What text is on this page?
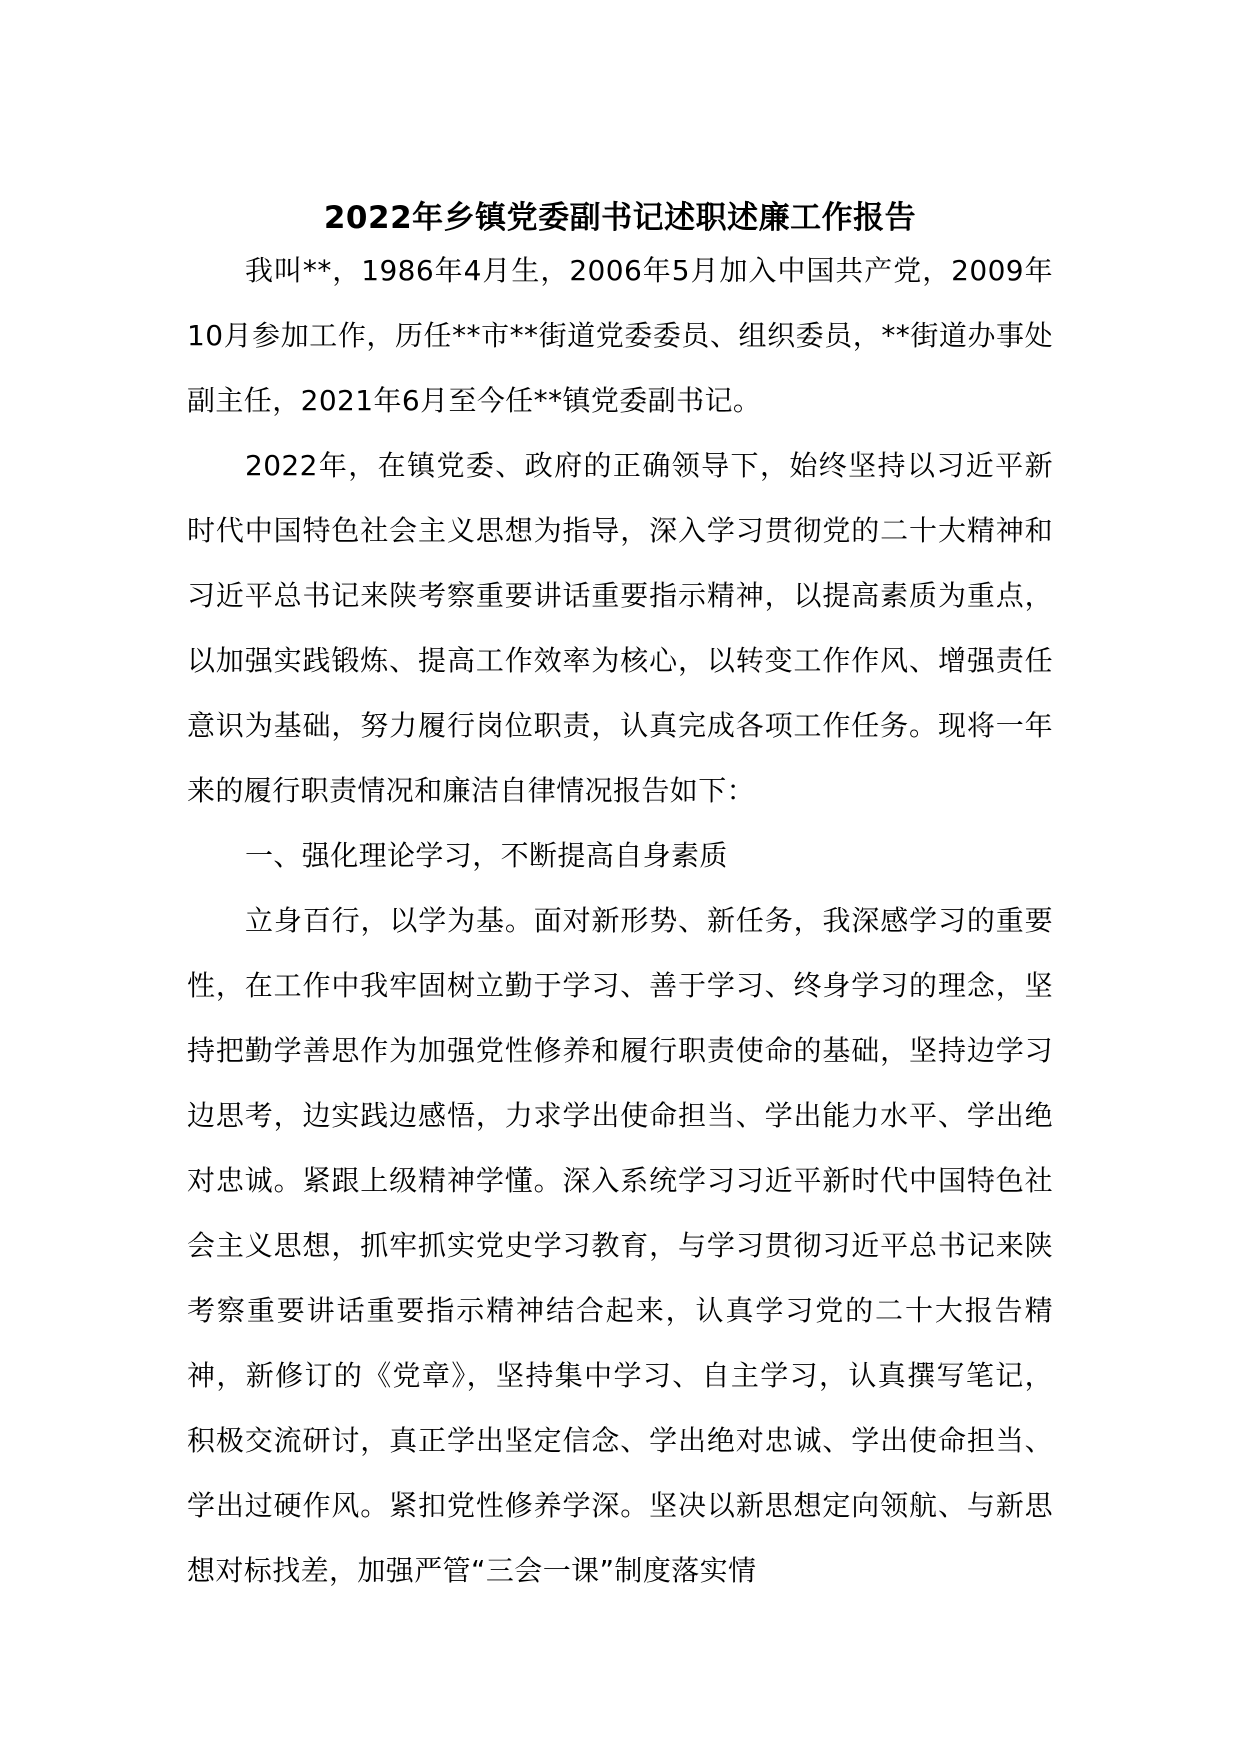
2022年乡镇党委副书记述职述廉工作报告

我叫**，1986年4月生，2006年5月加入中国共产党，2009年10月参加工作，历任**市**街道党委委员、组织委员，**街道办事处副主任，2021年6月至今任**镇党委副书记。

2022年，在镇党委、政府的正确领导下，始终坚持以习近平新时代中国特色社会主义思想为指导，深入学习贯彻党的二十大精神和习近平总书记来陕考察重要讲话重要指示精神，以提高素质为重点，以加强实践锻炼、提高工作效率为核心，以转变工作作风、增强责任意识为基础，努力履行岗位职责，认真完成各项工作任务。现将一年来的履行职责情况和廉洁自律情况报告如下：

一、强化理论学习，不断提高自身素质

立身百行，以学为基。面对新形势、新任务，我深感学习的重要性，在工作中我牢固树立勤于学习、善于学习、终身学习的理念，坚持把勤学善思作为加强党性修养和履行职责使命的基础，坚持边学习边思考，边实践边感悟，力求学出使命担当、学出能力水平、学出绝对忠诚。紧跟上级精神学懂。深入系统学习习近平新时代中国特色社会主义思想，抓牢抓实党史学习教育，与学习贯彻习近平总书记来陕考察重要讲话重要指示精神结合起来，认真学习党的二十大报告精神，新修订的《党章》，坚持集中学习、自主学习，认真撰写笔记，积极交流研讨，真正学出坚定信念、学出绝对忠诚、学出使命担当、学出过硬作风。紧扣党性修养学深。坚决以新思想定向领航、与新思想对标找差，加强严管“三会一课”制度落实情
